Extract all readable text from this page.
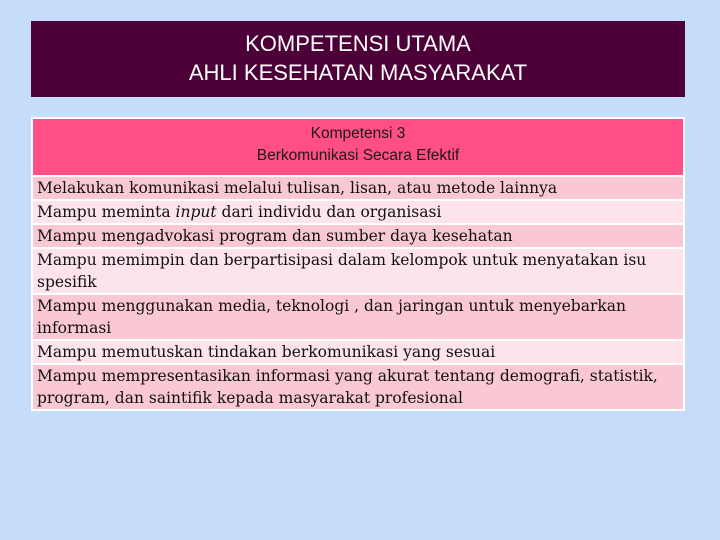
KOMPETENSI UTAMA
AHLI KESEHATAN MASYARAKAT
Kompetensi 3
Berkomunikasi Secara Efektif

Melakukan komunikasi melalui tulisan, lisan, atau metode lainnya
Mampu meminta input dari individu dan organisasi
Mampu mengadvokasi program dan sumber daya kesehatan
Mampu memimpin dan berpartisipasi dalam kelompok untuk menyatakan isu spesifik
Mampu menggunakan media, teknologi , dan jaringan untuk menyebarkan informasi
Mampu memutuskan tindakan berkomunikasi yang sesuai
Mampu mempresentasikan informasi yang akurat tentang demografi, statistik, program, dan saintifik kepada masyarakat profesional
